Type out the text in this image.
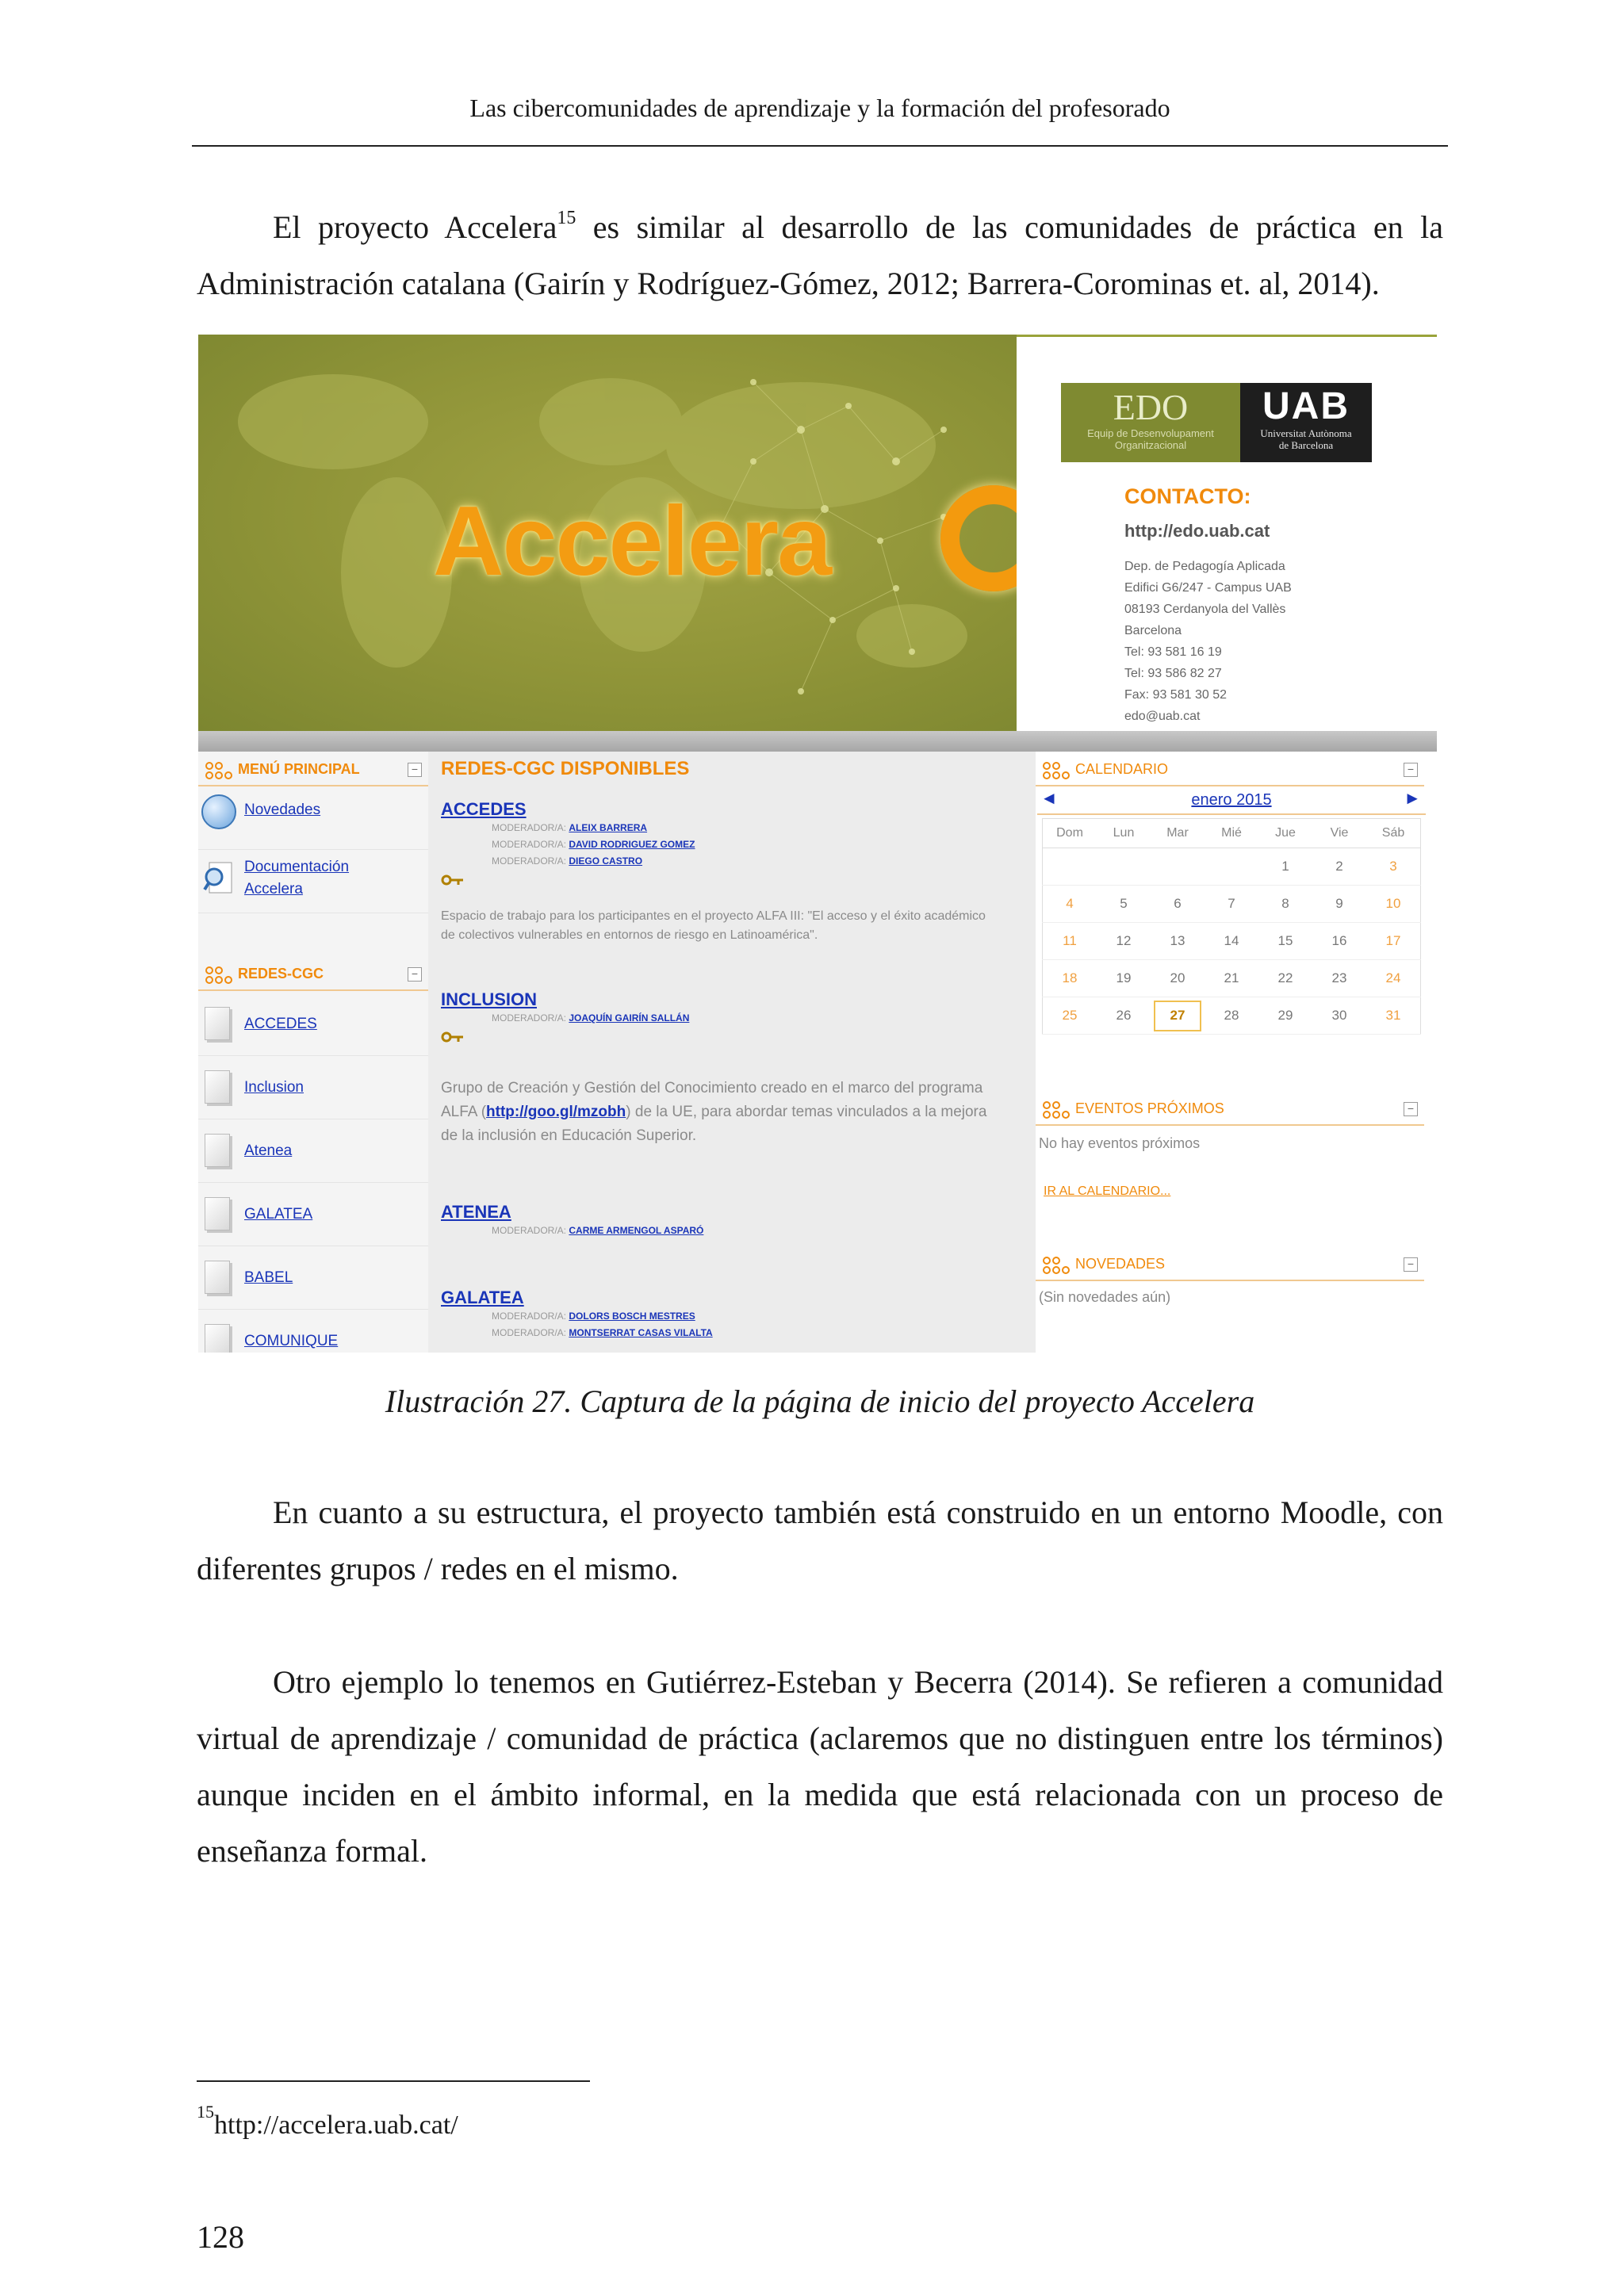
Las cibercomunidades de aprendizaje y la formación del profesorado

El proyecto Accelera$^{15}$ es similar al desarrollo de las comunidades de práctica en la Administración catalana (Gairín y Rodríguez-Gómez, 2012; Barrera-Corominas et. al, 2014).

Accelera
EDO
Equip de Desenvolupament
Organitzacional
UAB
Universitat Autònoma
de Barcelona
CONTACTO:
http://edo.uab.cat
Dep. de Pedagogía Aplicada
Edifici G6/247 - Campus UAB
08193 Cerdanyola del Vallès
Barcelona
Tel: 93 581 16 19
Tel: 93 586 82 27
Fax: 93 581 30 52
edo@uab.cat
MENÚ PRINCIPAL	−
Novedades
Documentación
Accelera
REDES-CGC	−
ACCEDES
Inclusion
Atenea
GALATEA
BABEL
COMUNIQUE
REDES-CGC DISPONIBLES
ACCEDES
MODERADOR/A: ALEIX BARRERA
MODERADOR/A: DAVID RODRIGUEZ GOMEZ
MODERADOR/A: DIEGO CASTRO
Espacio de trabajo para los participantes en el proyecto ALFA III: "El acceso y el éxito académico de colectivos vulnerables en entornos de riesgo en Latinoamérica".
INCLUSION
MODERADOR/A: JOAQUÍN GAIRÍN SALLÁN
Grupo de Creación y Gestión del Conocimiento creado en el marco del programa ALFA (http://goo.gl/mzobh) de la UE, para abordar temas vinculados a la mejora de la inclusión en Educación Superior.
ATENEA
MODERADOR/A: CARME ARMENGOL ASPARÓ
GALATEA
MODERADOR/A: DOLORS BOSCH MESTRES
MODERADOR/A: MONTSERRAT CASAS VILALTA
CALENDARIO	−
enero 2015
◄	►
Dom	Lun	Mar	Mié	Jue	Vie	Sáb
				1	2	3
4	5	6	7	8	9	10
11	12	13	14	15	16	17
18	19	20	21	22	23	24
25	26	27	28	29	30	31
EVENTOS PRÓXIMOS	−
No hay eventos próximos
IR AL CALENDARIO...
NOVEDADES	−
(Sin novedades aún)
Ilustración 27. Captura de la página de inicio del proyecto Accelera

En cuanto a su estructura, el proyecto también está construido en un entorno Moodle, con diferentes grupos / redes en el mismo.

Otro ejemplo lo tenemos en Gutiérrez-Esteban y Becerra (2014). Se refieren a comunidad virtual de aprendizaje / comunidad de práctica (aclaremos que no distinguen entre los términos) aunque inciden en el ámbito informal, en la medida que está relacionada con un proceso de enseñanza formal.

$^{15}$http://accelera.uab.cat/
128
